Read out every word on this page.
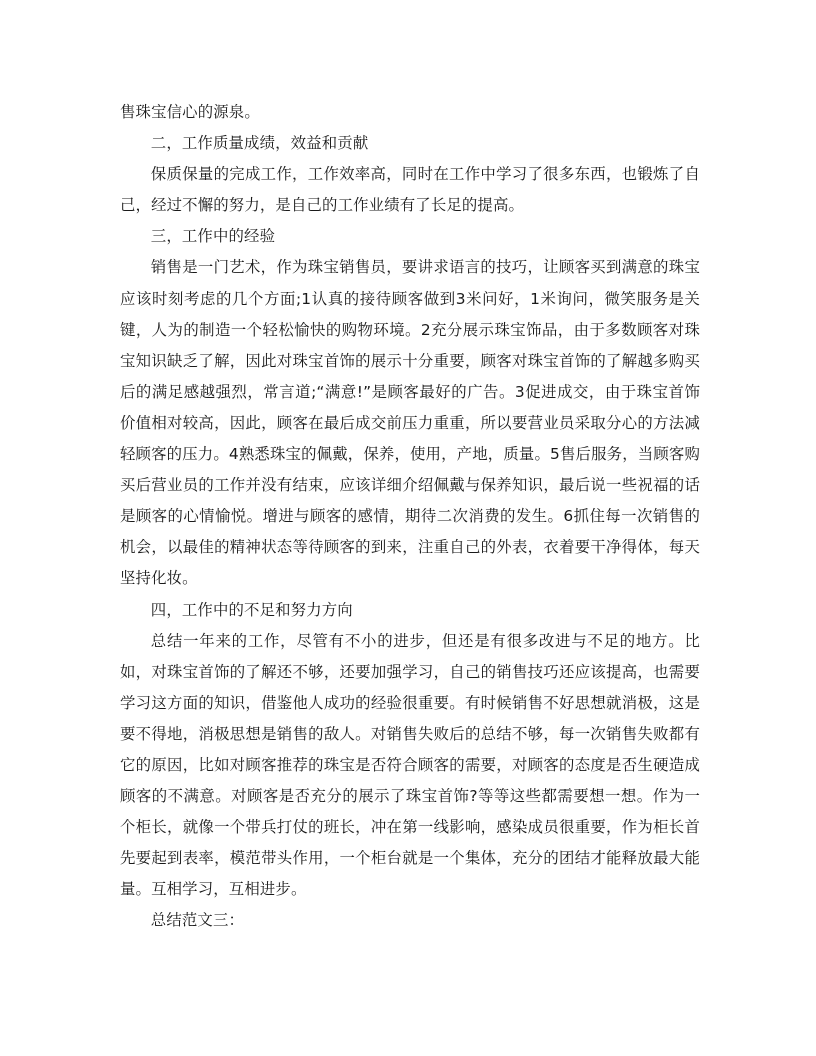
售珠宝信心的源泉。

二，工作质量成绩，效益和贡献

保质保量的完成工作，工作效率高，同时在工作中学习了很多东西，也锻炼了自己，经过不懈的努力，是自己的工作业绩有了长足的提高。

三，工作中的经验

销售是一门艺术，作为珠宝销售员，要讲求语言的技巧，让顾客买到满意的珠宝应该时刻考虑的几个方面;1认真的接待顾客做到3米问好，1米询问，微笑服务是关键，人为的制造一个轻松愉快的购物环境。2充分展示珠宝饰品，由于多数顾客对珠宝知识缺乏了解，因此对珠宝首饰的展示十分重要，顾客对珠宝首饰的了解越多购买后的满足感越强烈，常言道;“满意!”是顾客最好的广告。3促进成交，由于珠宝首饰价值相对较高，因此，顾客在最后成交前压力重重，所以要营业员采取分心的方法减轻顾客的压力。4熟悉珠宝的佩戴，保养，使用，产地，质量。5售后服务，当顾客购买后营业员的工作并没有结束，应该详细介绍佩戴与保养知识，最后说一些祝福的话是顾客的心情愉悦。增进与顾客的感情，期待二次消费的发生。6抓住每一次销售的机会，以最佳的精神状态等待顾客的到来，注重自己的外表，衣着要干净得体，每天坚持化妆。

四，工作中的不足和努力方向

总结一年来的工作，尽管有不小的进步，但还是有很多改进与不足的地方。比如，对珠宝首饰的了解还不够，还要加强学习，自己的销售技巧还应该提高，也需要学习这方面的知识，借鉴他人成功的经验很重要。有时候销售不好思想就消极，这是要不得地，消极思想是销售的敌人。对销售失败后的总结不够，每一次销售失败都有它的原因，比如对顾客推荐的珠宝是否符合顾客的需要，对顾客的态度是否生硬造成顾客的不满意。对顾客是否充分的展示了珠宝首饰?等等这些都需要想一想。作为一个柜长，就像一个带兵打仗的班长，冲在第一线影响，感染成员很重要，作为柜长首先要起到表率，模范带头作用，一个柜台就是一个集体，充分的团结才能释放最大能量。互相学习，互相进步。

总结范文三：
